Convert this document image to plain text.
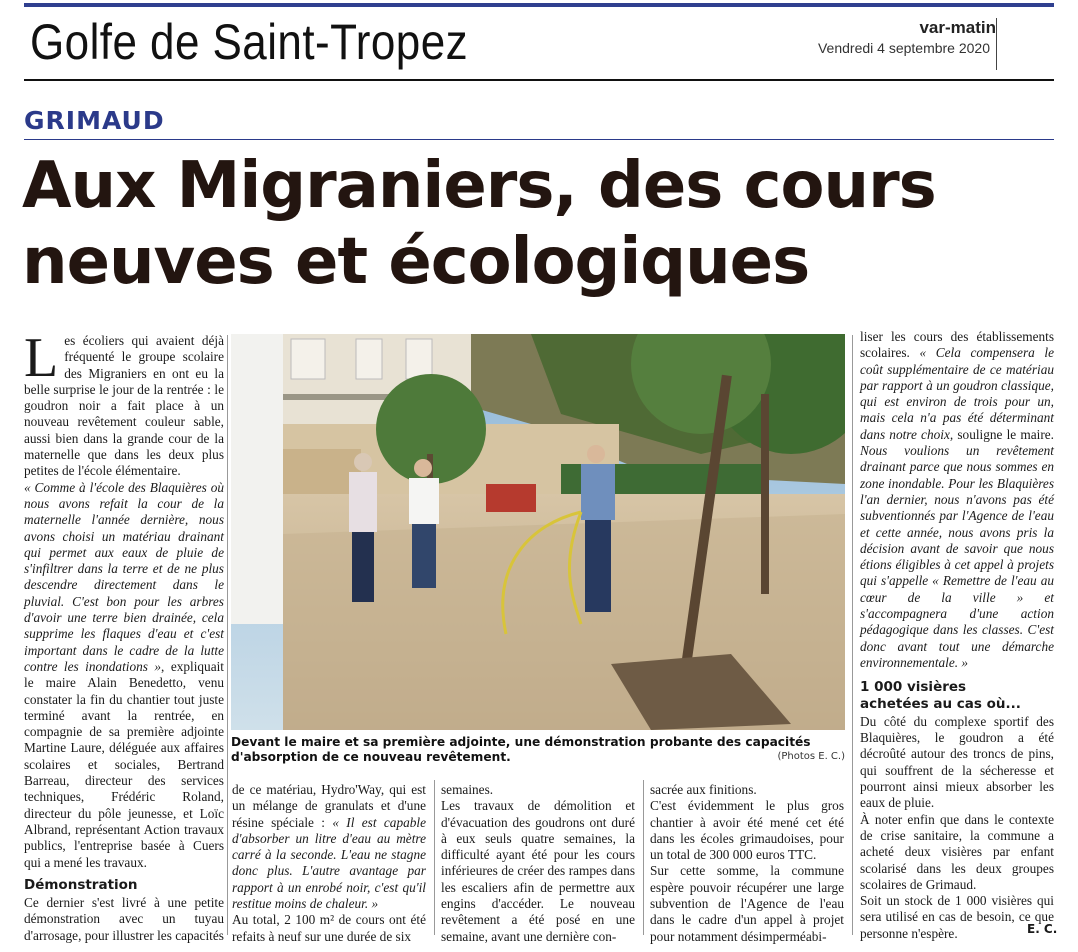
Golfe de Saint-Tropez	var-matin
Vendredi 4 septembre 2020
GRIMAUD
Aux Migraniers, des cours
neuves et écologiques

Les écoliers qui avaient déjà fréquenté le groupe scolaire des Migraniers en ont eu la belle surprise le jour de la rentrée : le goudron noir a fait place à un nouveau revêtement couleur sable, aussi bien dans la grande cour de la maternelle que dans les deux plus petites de l'école élémentaire.

« Comme à l'école des Blaquières où nous avons refait la cour de la maternelle l'année dernière, nous avons choisi un matériau drainant qui permet aux eaux de pluie de s'infiltrer dans la terre et de ne plus descendre directement dans le pluvial. C'est bon pour les arbres d'avoir une terre bien drainée, cela supprime les flaques d'eau et c'est important dans le cadre de la lutte contre les inondations », expliquait le maire Alain Benedetto, venu constater la fin du chantier tout juste terminé avant la rentrée, en compagnie de sa première adjointe Martine Laure, déléguée aux affaires scolaires et sociales, Bertrand Barreau, directeur des services techniques, Frédéric Roland, directeur du pôle jeunesse, et Loïc Albrand, représentant Action travaux publics, l'entreprise basée à Cuers qui a mené les travaux.

Démonstration

Ce dernier s'est livré à une petite démonstration avec un tuyau d'arrosage, pour illustrer les capacités

Devant le maire et sa première adjointe, une démonstration probante des capacités d'absorption de ce nouveau revêtement.	(Photos E. C.)

de ce matériau, Hydro'Way, qui est un mélange de granulats et d'une résine spéciale : « Il est capable d'absorber un litre d'eau au mètre carré à la seconde. L'eau ne stagne donc plus. L'autre avantage par rapport à un enrobé noir, c'est qu'il restitue moins de chaleur. »

Au total, 2 100 m² de cours ont été refaits à neuf sur une durée de six

semaines.

Les travaux de démolition et d'évacuation des goudrons ont duré à eux seuls quatre semaines, la difficulté ayant été pour les cours inférieures de créer des rampes dans les escaliers afin de permettre aux engins d'accéder. Le nouveau revêtement a été posé en une semaine, avant une dernière con-

sacrée aux finitions.

C'est évidemment le plus gros chantier à avoir été mené cet été dans les écoles grimaudoises, pour un total de 300 000 euros TTC.

Sur cette somme, la commune espère pouvoir récupérer une large subvention de l'Agence de l'eau dans le cadre d'un appel à projet pour notamment désimperméabi-

liser les cours des établissements scolaires. « Cela compensera le coût supplémentaire de ce matériau par rapport à un goudron classique, qui est environ de trois pour un, mais cela n'a pas été déterminant dans notre choix, souligne le maire. Nous voulions un revêtement drainant parce que nous sommes en zone inondable. Pour les Blaquières l'an dernier, nous n'avons pas été subventionnés par l'Agence de l'eau et cette année, nous avons pris la décision avant de savoir que nous étions éligibles à cet appel à projets qui s'appelle « Remettre de l'eau au cœur de la ville » et s'accompagnera d'une action pédagogique dans les classes. C'est donc avant tout une démarche environnementale. »

1 000 visières
achetées au cas où...

Du côté du complexe sportif des Blaquières, le goudron a été décroûté autour des troncs de pins, qui souffrent de la sécheresse et pourront ainsi mieux absorber les eaux de pluie.

À noter enfin que dans le contexte de crise sanitaire, la commune a acheté deux visières par enfant scolarisé dans les deux groupes scolaires de Grimaud.

Soit un stock de 1 000 visières qui sera utilisé en cas de besoin, ce que personne n'espère.	E. C.
